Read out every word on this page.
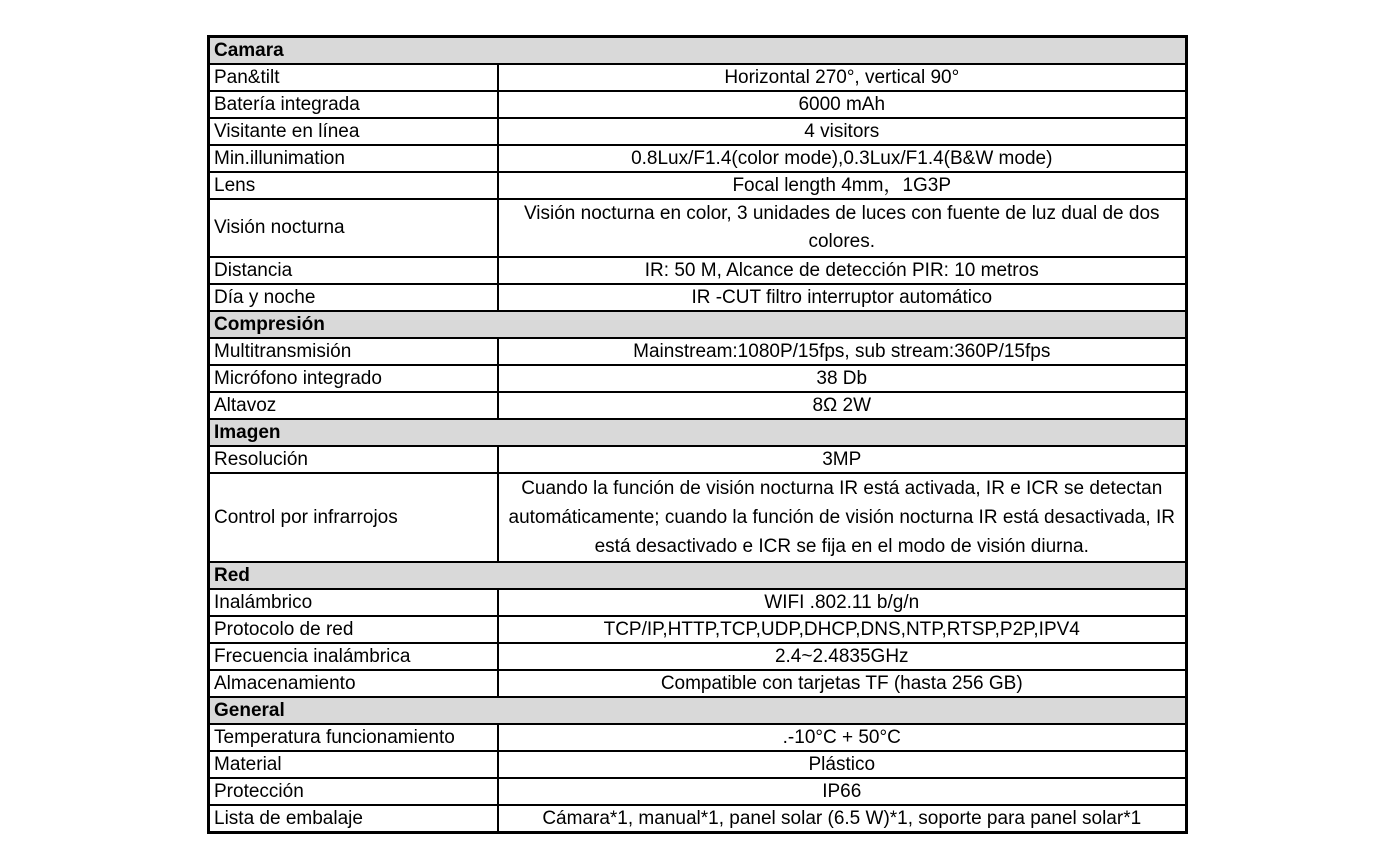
Camara	
Pan&tilt	Horizontal 270°, vertical 90°
Batería integrada	6000 mAh
Visitante en línea	4 visitors
Min.illunimation	0.8Lux/F1.4(color mode),0.3Lux/F1.4(B&W mode)
Lens	Focal length 4mm，1G3P
Visión nocturna	Visión nocturna en color, 3 unidades de luces con fuente de luz dual de dos colores.
Distancia	IR: 50 M, Alcance de detección PIR: 10 metros
Día y noche	IR -CUT filtro interruptor automático
Compresión	
Multitransmisión	Mainstream:1080P/15fps, sub stream:360P/15fps
Micrófono integrado	38 Db
Altavoz	8Ω 2W
Imagen	
Resolución	3MP
Control por infrarrojos	Cuando la función de visión nocturna IR está activada, IR e ICR se detectan automáticamente; cuando la función de visión nocturna IR está desactivada, IR está desactivado e ICR se fija en el modo de visión diurna.
Red	
Inalámbrico	WIFI .802.11 b/g/n
Protocolo de red	TCP/IP,HTTP,TCP,UDP,DHCP,DNS,NTP,RTSP,P2P,IPV4
Frecuencia inalámbrica	2.4~2.4835GHz
Almacenamiento	Compatible con tarjetas TF (hasta 256 GB)
General	
Temperatura funcionamiento	.-10°C + 50°C
Material	Plástico
Protección	IP66
Lista de embalaje	Cámara*1, manual*1, panel solar (6.5 W)*1, soporte para panel solar*1
